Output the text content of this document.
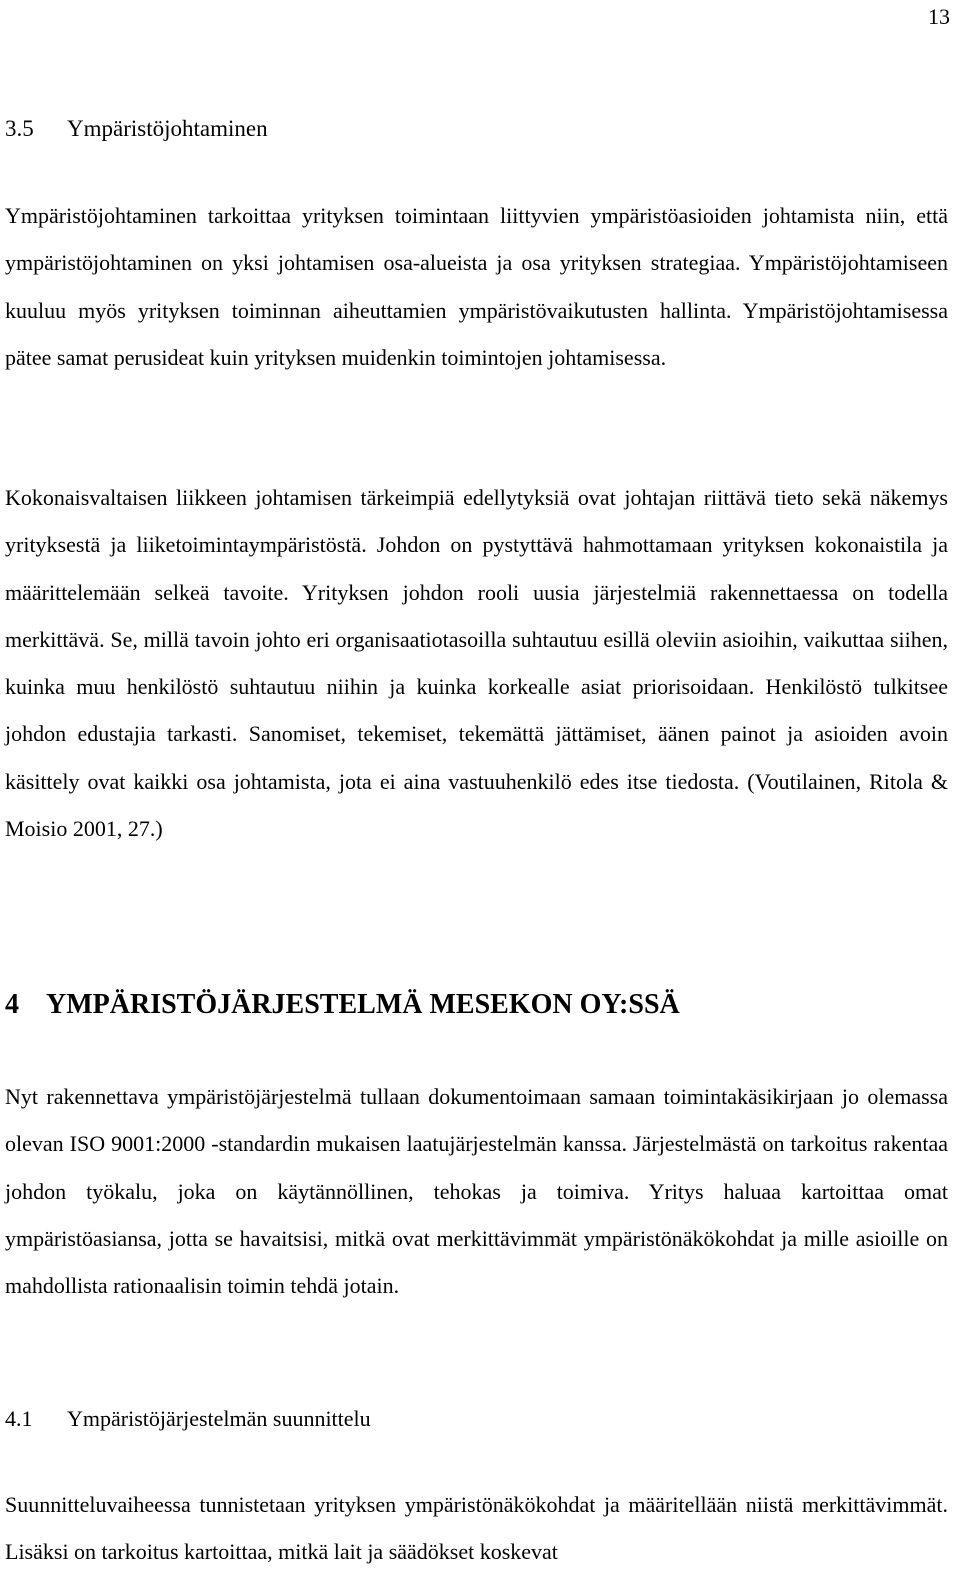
13
3.5 Ympäristöjohtaminen

Ympäristöjohtaminen tarkoittaa yrityksen toimintaan liittyvien ympäristöasioiden johtamista niin, että ympäristöjohtaminen on yksi johtamisen osa-alueista ja osa yrityksen strategiaa. Ympäristöjohtamiseen kuuluu myös yrityksen toiminnan aiheuttamien ympäristövaikutusten hallinta. Ympäristöjohtamisessa pätee samat perusideat kuin yrityksen muidenkin toimintojen johtamisessa.

Kokonaisvaltaisen liikkeen johtamisen tärkeimpiä edellytyksiä ovat johtajan riittävä tieto sekä näkemys yrityksestä ja liiketoimintaympäristöstä. Johdon on pystyttävä hahmottamaan yrityksen kokonaistila ja määrittelemään selkeä tavoite. Yrityksen johdon rooli uusia järjestelmiä rakennettaessa on todella merkittävä. Se, millä tavoin johto eri organisaatiotasoilla suhtautuu esillä oleviin asioihin, vaikuttaa siihen, kuinka muu henkilöstö suhtautuu niihin ja kuinka korkealle asiat priorisoidaan. Henkilöstö tulkitsee johdon edustajia tarkasti. Sanomiset, tekemiset, tekemättä jättämiset, äänen painot ja asioiden avoin käsittely ovat kaikki osa johtamista, jota ei aina vastuuhenkilö edes itse tiedosta. (Voutilainen, Ritola & Moisio 2001, 27.)

4 YMPÄRISTÖJÄRJESTELMÄ MESEKON OY:SSÄ

Nyt rakennettava ympäristöjärjestelmä tullaan dokumentoimaan samaan toimintakäsikirjaan jo olemassa olevan ISO 9001:2000 -standardin mukaisen laatujärjestelmän kanssa. Järjestelmästä on tarkoitus rakentaa johdon työkalu, joka on käytännöllinen, tehokas ja toimiva. Yritys haluaa kartoittaa omat ympäristöasiansa, jotta se havaitsisi, mitkä ovat merkittävimmät ympäristönäkökohdat ja mille asioille on mahdollista rationaalisin toimin tehdä jotain.

4.1 Ympäristöjärjestelmän suunnittelu

Suunnitteluvaiheessa tunnistetaan yrityksen ympäristönäkökohdat ja määritellään niistä merkittävimmät. Lisäksi on tarkoitus kartoittaa, mitkä lait ja säädökset koskevat
